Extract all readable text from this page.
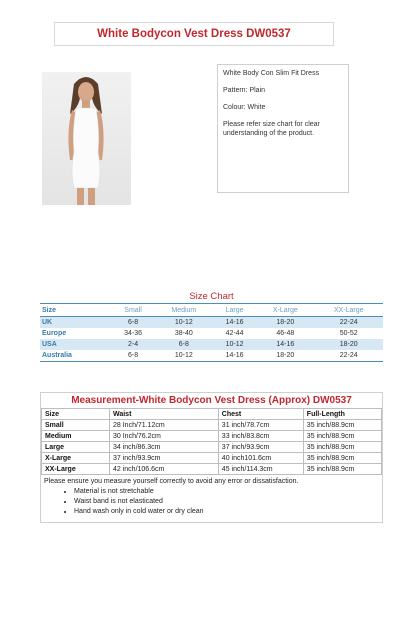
White Bodycon Vest Dress DW0537

White Body Con Slim Fit Dress

Pattern: Plain

Colour: White

Please refer size chart for clear understanding of the product.

Size Chart
Size	Small	Medium	Large	X-Large	XX-Large
UK	6-8	10-12	14-16	18-20	22-24
Europe	34-36	38-40	42-44	46-48	50-52
USA	2-4	6-8	10-12	14-16	18-20
Australia	6-8	10-12	14-16	18-20	22-24
Measurement-White Bodycon Vest Dress (Approx) DW0537
Size	Waist	Chest	Full-Length
Small	28 Inch/71.12cm	31 inch/78.7cm	35 inch/88.9cm
Medium	30 Inch/76.2cm	33 inch/83.8cm	35 inch/88.9cm
Large	34 inch/86.3cm	37 inch/93.9cm	35 inch/88.9cm
X-Large	37 inch/93.9cm	40 inch101.6cm	35 inch/88.9cm
XX-Large	42 inch/106.6cm	45 inch/114.3cm	35 inch/88.9cm
Please ensure you measure yourself correctly to avoid any error or dissatisfaction.
• Material is not stretchable
• Waist band is not elasticated
• Hand wash only in cold water or dry clean
